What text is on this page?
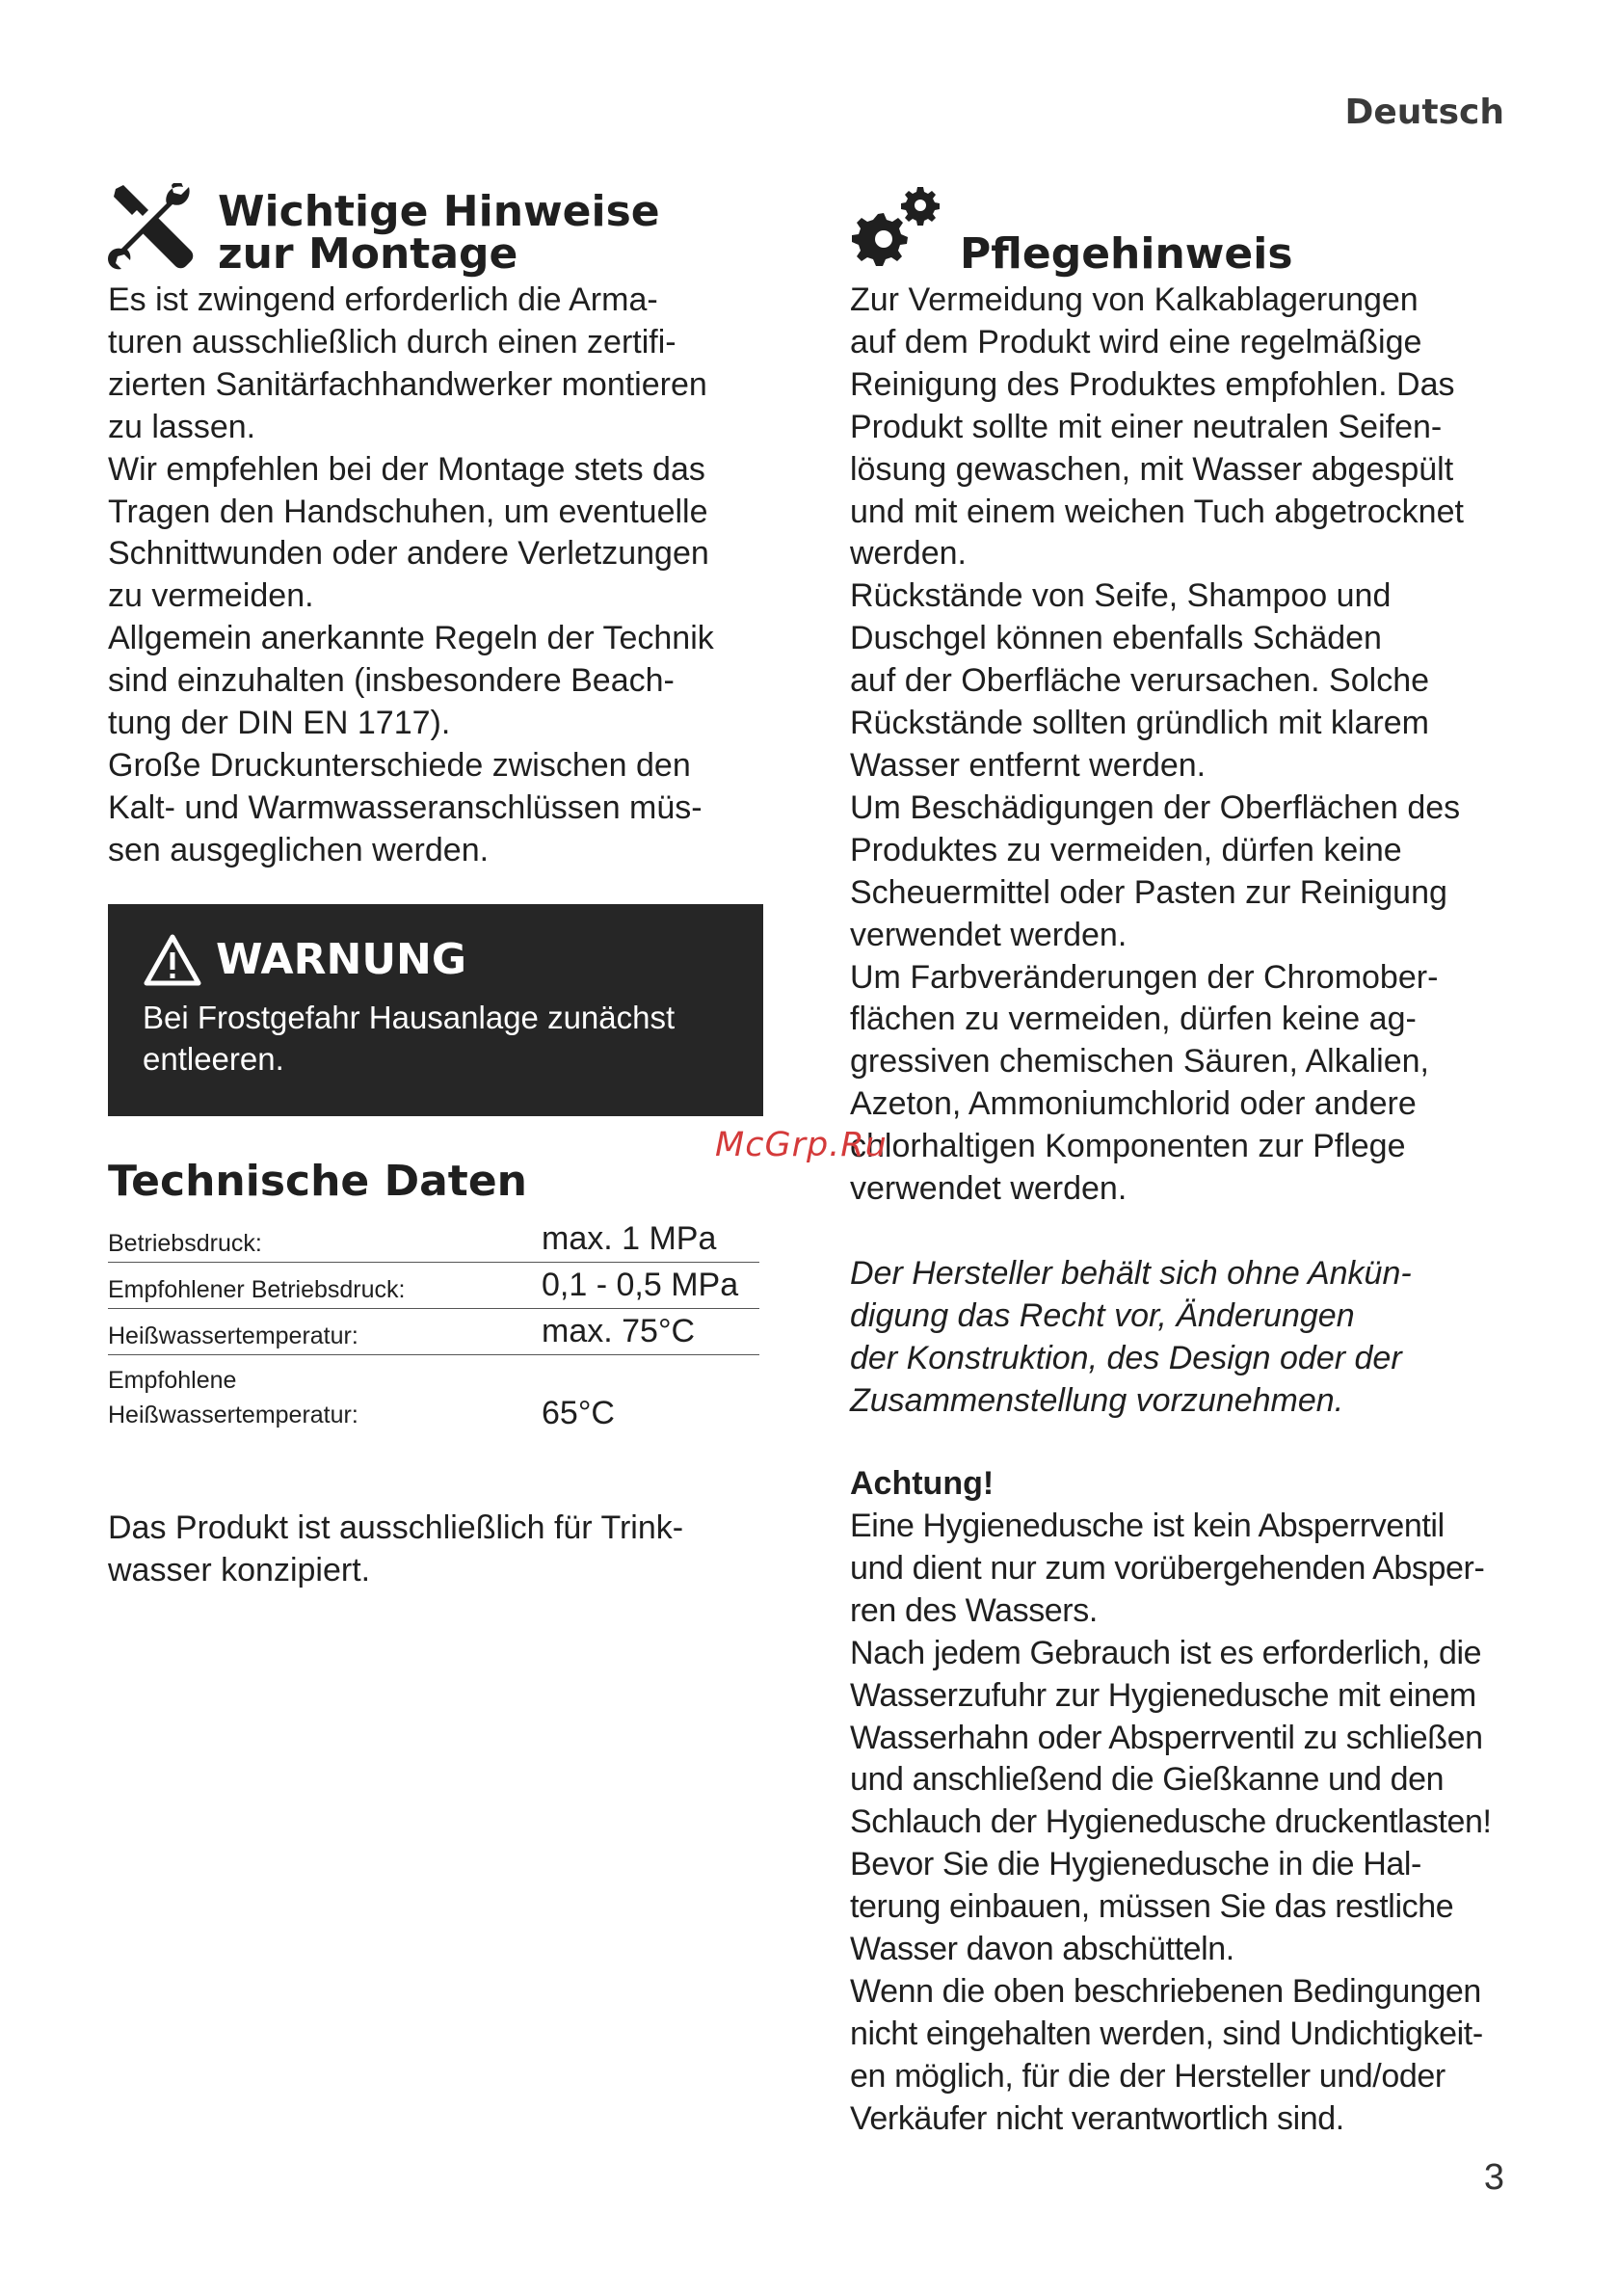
Deutsch
Wichtige Hinweise
zur Montage

Es ist zwingend erforderlich die Arma-
turen ausschließlich durch einen zertifi-
zierten Sanitärfachhandwerker montieren
zu lassen.
Wir empfehlen bei der Montage stets das
Tragen den Handschuhen, um eventuelle
Schnittwunden oder andere Verletzungen
zu vermeiden.
Allgemein anerkannte Regeln der Technik
sind einzuhalten (insbesondere Beach-
tung der DIN EN 1717).
Große Druckunterschiede zwischen den
Kalt- und Warmwasseranschlüssen müs-
sen ausgeglichen werden.

WARNUNG
Bei Frostgefahr Hausanlage zunächst
entleeren.
Technische Daten
Betriebsdruck:	max. 1 MPa
Empfohlener Betriebsdruck:	0,1 - 0,5 MPa
Heißwassertemperatur:	max. 75°C
Empfohlene
Heißwassertemperatur:	65°C

Das Produkt ist ausschließlich für Trink-
wasser konzipiert.

Pflegehinweis

Zur Vermeidung von Kalkablagerungen
auf dem Produkt wird eine regelmäßige
Reinigung des Produktes empfohlen. Das
Produkt sollte mit einer neutralen Seifen-
lösung gewaschen, mit Wasser abgespült
und mit einem weichen Tuch abgetrocknet
werden.
Rückstände von Seife, Shampoo und
Duschgel können ebenfalls Schäden
auf der Oberfläche verursachen. Solche
Rückstände sollten gründlich mit klarem
Wasser entfernt werden.
Um Beschädigungen der Oberflächen des
Produktes zu vermeiden, dürfen keine
Scheuermittel oder Pasten zur Reinigung
verwendet werden.
Um Farbveränderungen der Chromober-
flächen zu vermeiden, dürfen keine ag-
gressiven chemischen Säuren, Alkalien,
Azeton, Ammoniumchlorid oder andere
chlorhaltigen Komponenten zur Pflege
verwendet werden.

Der Hersteller behält sich ohne Ankün-
digung das Recht vor, Änderungen
der Konstruktion, des Design oder der
Zusammenstellung vorzunehmen.

Achtung!

Eine Hygienedusche ist kein Absperrventil
und dient nur zum vorübergehenden Absper-
ren des Wassers.
Nach jedem Gebrauch ist es erforderlich, die
Wasserzufuhr zur Hygienedusche mit einem
Wasserhahn oder Absperrventil zu schließen
und anschließend die Gießkanne und den
Schlauch der Hygienedusche druckentlasten!
Bevor Sie die Hygienedusche in die Hal-
terung einbauen, müssen Sie das restliche
Wasser davon abschütteln.
Wenn die oben beschriebenen Bedingungen
nicht eingehalten werden, sind Undichtigkeit-
en möglich, für die der Hersteller und/oder
Verkäufer nicht verantwortlich sind.

McGrp.Ru
3
